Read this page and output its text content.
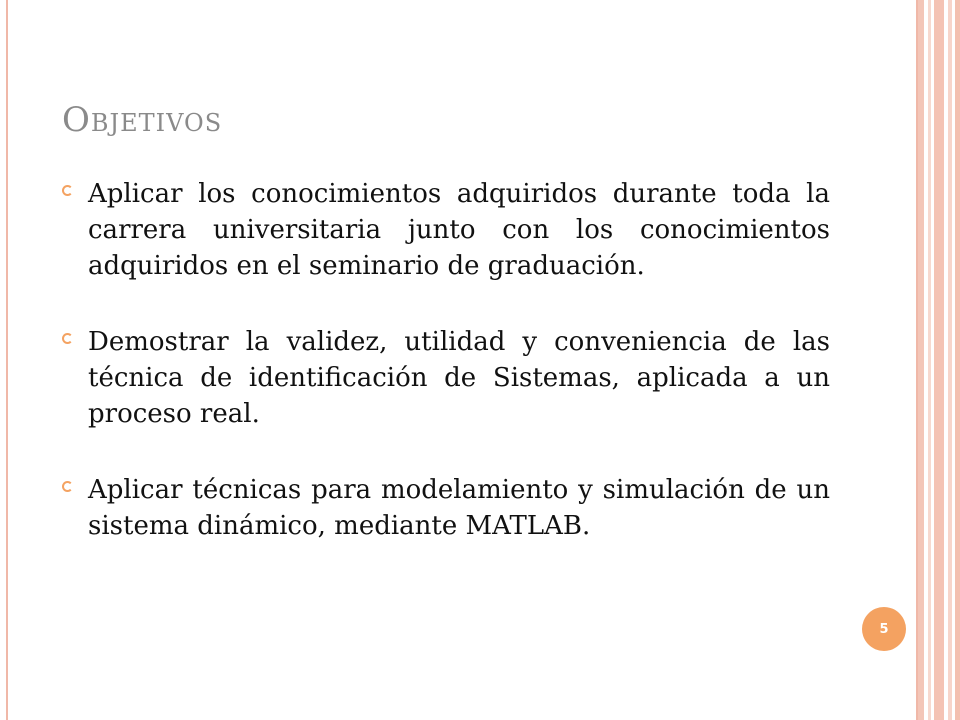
Objetivos
Aplicar los conocimientos adquiridos durante toda la carrera universitaria junto con los conocimientos adquiridos en el seminario de graduación.
Demostrar la validez, utilidad y conveniencia de las técnica de identificación de Sistemas, aplicada a un proceso real.
Aplicar técnicas para modelamiento y simulación de un sistema dinámico, mediante MATLAB.
5
